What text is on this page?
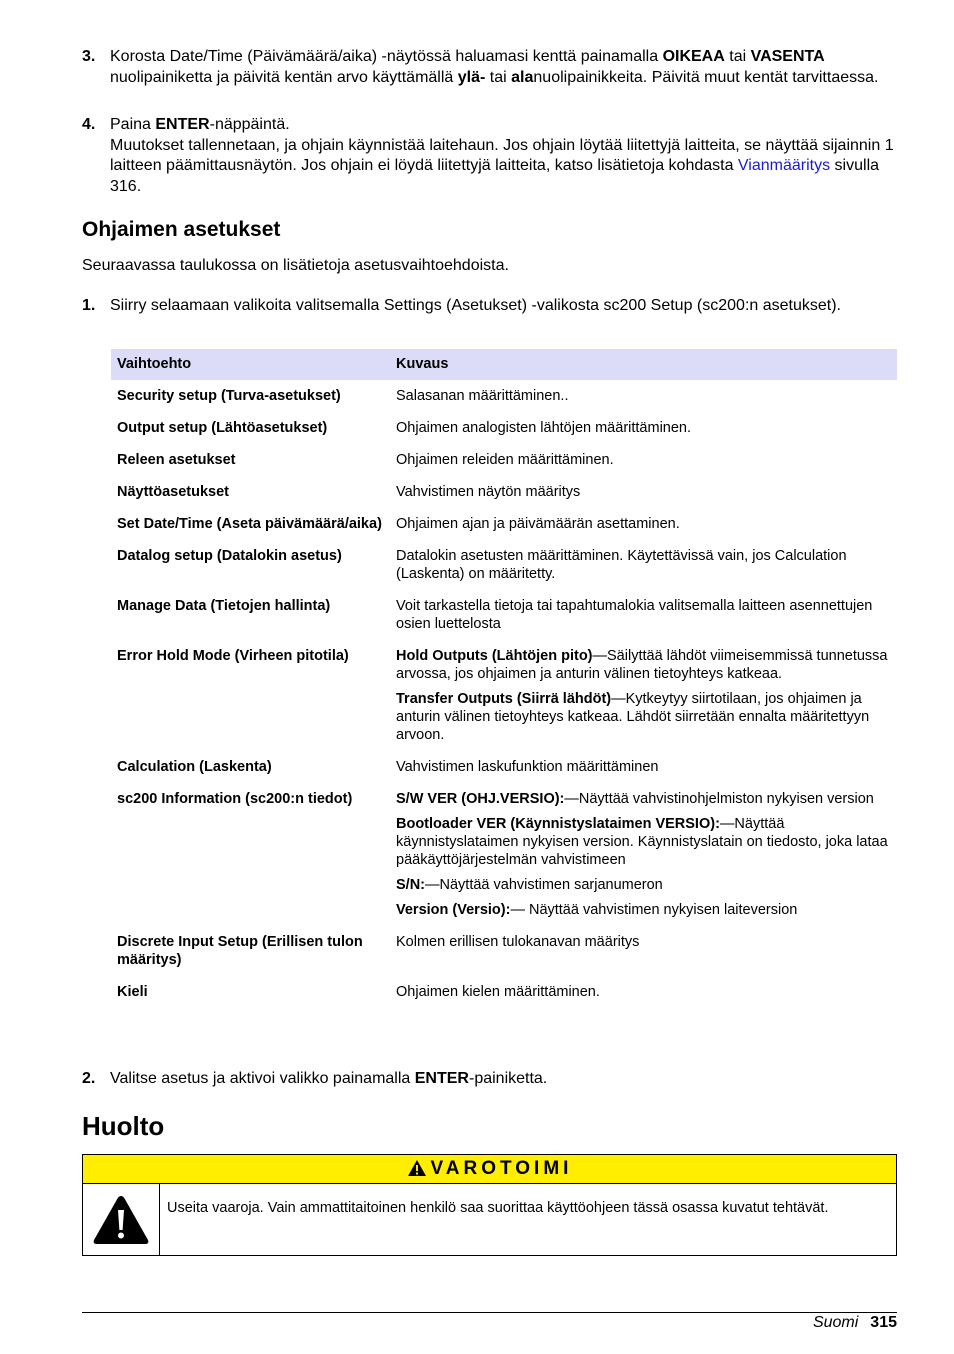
3. Korosta Date/Time (Päivämäärä/aika) -näytössä haluamasi kenttä painamalla OIKEAA tai VASENTA nuolipainiketta ja päivitä kentän arvo käyttämällä ylä- tai alanuolipainikkeita. Päivitä muut kentät tarvittaessa.

4. Paina ENTER-näppäintä.

Muutokset tallennetaan, ja ohjain käynnistää laitehaun. Jos ohjain löytää liitettyjä laitteita, se näyttää sijainnin 1 laitteen päämittausnäytön. Jos ohjain ei löydä liitettyjä laitteita, katso lisätietoja kohdasta Vianmääritys sivulla 316.

Ohjaimen asetukset

Seuraavassa taulukossa on lisätietoja asetusvaihtoehdoista.

1. Siirry selaamaan valikoita valitsemalla Settings (Asetukset) -valikosta sc200 Setup (sc200:n asetukset).

Vaihtoehto	Kuvaus
Security setup (Turva-asetukset)	Salasanan määrittäminen..
Output setup (Lähtöasetukset)	Ohjaimen analogisten lähtöjen määrittäminen.
Releen asetukset	Ohjaimen releiden määrittäminen.
Näyttöasetukset	Vahvistimen näytön määritys
Set Date/Time (Aseta päivämäärä/aika)	Ohjaimen ajan ja päivämäärän asettaminen.
Datalog setup (Datalokin asetus)	Datalokin asetusten määrittäminen. Käytettävissä vain, jos Calculation (Laskenta) on määritetty.
Manage Data (Tietojen hallinta)	Voit tarkastella tietoja tai tapahtumalokia valitsemalla laitteen asennettujen osien luettelosta
Error Hold Mode (Virheen pitotila)	Hold Outputs (Lähtöjen pito)—Säilyttää lähdöt viimeisemmissä tunnetussa arvossa, jos ohjaimen ja anturin välinen tietoyhteys katkeaa.

Transfer Outputs (Siirrä lähdöt)—Kytkeytyy siirtotilaan, jos ohjaimen ja anturin välinen tietoyhteys katkeaa. Lähdöt siirretään ennalta määritettyyn arvoon.

Calculation (Laskenta)	Vahvistimen laskufunktion määrittäminen
sc200 Information (sc200:n tiedot)	S/W VER (OHJ.VERSIO):—Näyttää vahvistinohjelmiston nykyisen version

Bootloader VER (Käynnistyslataimen VERSIO):—Näyttää käynnistyslataimen nykyisen version. Käynnistyslatain on tiedosto, joka lataa pääkäyttöjärjestelmän vahvistimeen

S/N:—Näyttää vahvistimen sarjanumeron

Version (Versio):— Näyttää vahvistimen nykyisen laiteversion

Discrete Input Setup (Erillisen tulon määritys)	Kolmen erillisen tulokanavan määritys
Kieli	Ohjaimen kielen määrittäminen.
2. Valitse asetus ja aktivoi valikko painamalla ENTER-painiketta.

Huolto
VAROTOIMI
Useita vaaroja. Vain ammattitaitoinen henkilö saa suorittaa käyttöohjeen tässä osassa kuvatut tehtävät.
Suomi 315
